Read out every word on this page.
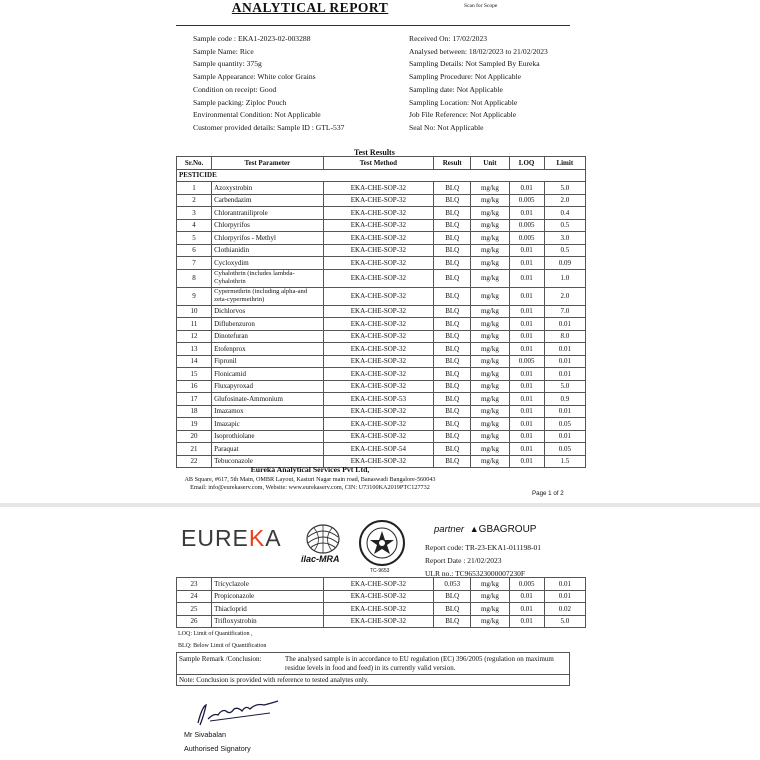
ANALYTICAL REPORT	Scan for Scope
Sample code : EKA1-2023-02-003288
Sample Name: Rice
Sample quantity: 375g
Sample Appearance: White color Grains
Condition on receipt: Good
Sample packing: Ziploc Pouch
Environmental Condition: Not Applicable
Customer provided details: Sample ID : GTL-537
Received On: 17/02/2023
Analysed between: 18/02/2023 to 21/02/2023
Sampling Details: Not Sampled By Eureka
Sampling Procedure: Not Applicable
Sampling date: Not Applicable
Sampling Location: Not Applicable
Job File Reference: Not Applicable
Seal No: Not Applicable
Test Results
Sr.No.	Test Parameter	Test Method	Result	Unit	LOQ	Limit
PESTICIDE						
1	Azoxystrobin	EKA-CHE-SOP-32	BLQ	mg/kg	0.01	5.0
2	Carbendazim	EKA-CHE-SOP-32	BLQ	mg/kg	0.005	2.0
3	Chlorantraniliprole	EKA-CHE-SOP-32	BLQ	mg/kg	0.01	0.4
4	Chlorpyrifos	EKA-CHE-SOP-32	BLQ	mg/kg	0.005	0.5
5	Chlorpyrifos - Methyl	EKA-CHE-SOP-32	BLQ	mg/kg	0.005	3.0
6	Clothianidin	EKA-CHE-SOP-32	BLQ	mg/kg	0.01	0.5
7	Cycloxydim	EKA-CHE-SOP-32	BLQ	mg/kg	0.01	0.09
8	Cyhalothrin (includes lambda-Cyhalothrin	EKA-CHE-SOP-32	BLQ	mg/kg	0.01	1.0
9	Cypermethrin (including alpha-and zeta-cypermethrin)	EKA-CHE-SOP-32	BLQ	mg/kg	0.01	2.0
10	Dichlorvos	EKA-CHE-SOP-32	BLQ	mg/kg	0.01	7.0
11	Diflubenzuron	EKA-CHE-SOP-32	BLQ	mg/kg	0.01	0.01
12	Dinotefuran	EKA-CHE-SOP-32	BLQ	mg/kg	0.01	8.0
13	Etofenprox	EKA-CHE-SOP-32	BLQ	mg/kg	0.01	0.01
14	Fipronil	EKA-CHE-SOP-32	BLQ	mg/kg	0.005	0.01
15	Flonicamid	EKA-CHE-SOP-32	BLQ	mg/kg	0.01	0.01
16	Fluxapyroxad	EKA-CHE-SOP-32	BLQ	mg/kg	0.01	5.0
17	Glufosinate-Ammonium	EKA-CHE-SOP-53	BLQ	mg/kg	0.01	0.9
18	Imazamox	EKA-CHE-SOP-32	BLQ	mg/kg	0.01	0.01
19	Imazapic	EKA-CHE-SOP-32	BLQ	mg/kg	0.01	0.05
20	Isoprothiolane	EKA-CHE-SOP-32	BLQ	mg/kg	0.01	0.01
21	Paraquat	EKA-CHE-SOP-54	BLQ	mg/kg	0.01	0.05
22	Tebuconazole	EKA-CHE-SOP-32	BLQ	mg/kg	0.01	1.5
Eureka Analytical Services Pvt Ltd,
AB Square, #617, 5th Main, OMBR Layout, Kasturi Nagar main road, Banaswadi Bangalore-560043
Email: info@eurekaserv.com, Website: www.eurekaserv.com, CIN: U73100KA2019PTC127732
Page 1 of 2
EUREKA
ilac-MRA
TC-9653
partner ▲GBAGROUP
Report code: TR-23-EKA1-011198-01
Report Date : 21/02/2023
ULR no.: TC965323000007230F
23	Tricyclazole	EKA-CHE-SOP-32	0.053	mg/kg	0.005	0.01
24	Propiconazole	EKA-CHE-SOP-32	BLQ	mg/kg	0.01	0.01
25	Thiacloprid	EKA-CHE-SOP-32	BLQ	mg/kg	0.01	0.02
26	Trifloxystrobin	EKA-CHE-SOP-32	BLQ	mg/kg	0.01	5.0
LOQ: Limit of Quantification ,
BLQ: Below Limit of Quantification
Sample Remark /Conclusion:	The analysed sample is in accordance to EU regulation (EC) 396/2005 (regulation on maximum residue levels in food and feed) in its currently valid version.
Note: Conclusion is provided with reference to tested analytes only.
Mr Sivabalan
Authorised Signatory
